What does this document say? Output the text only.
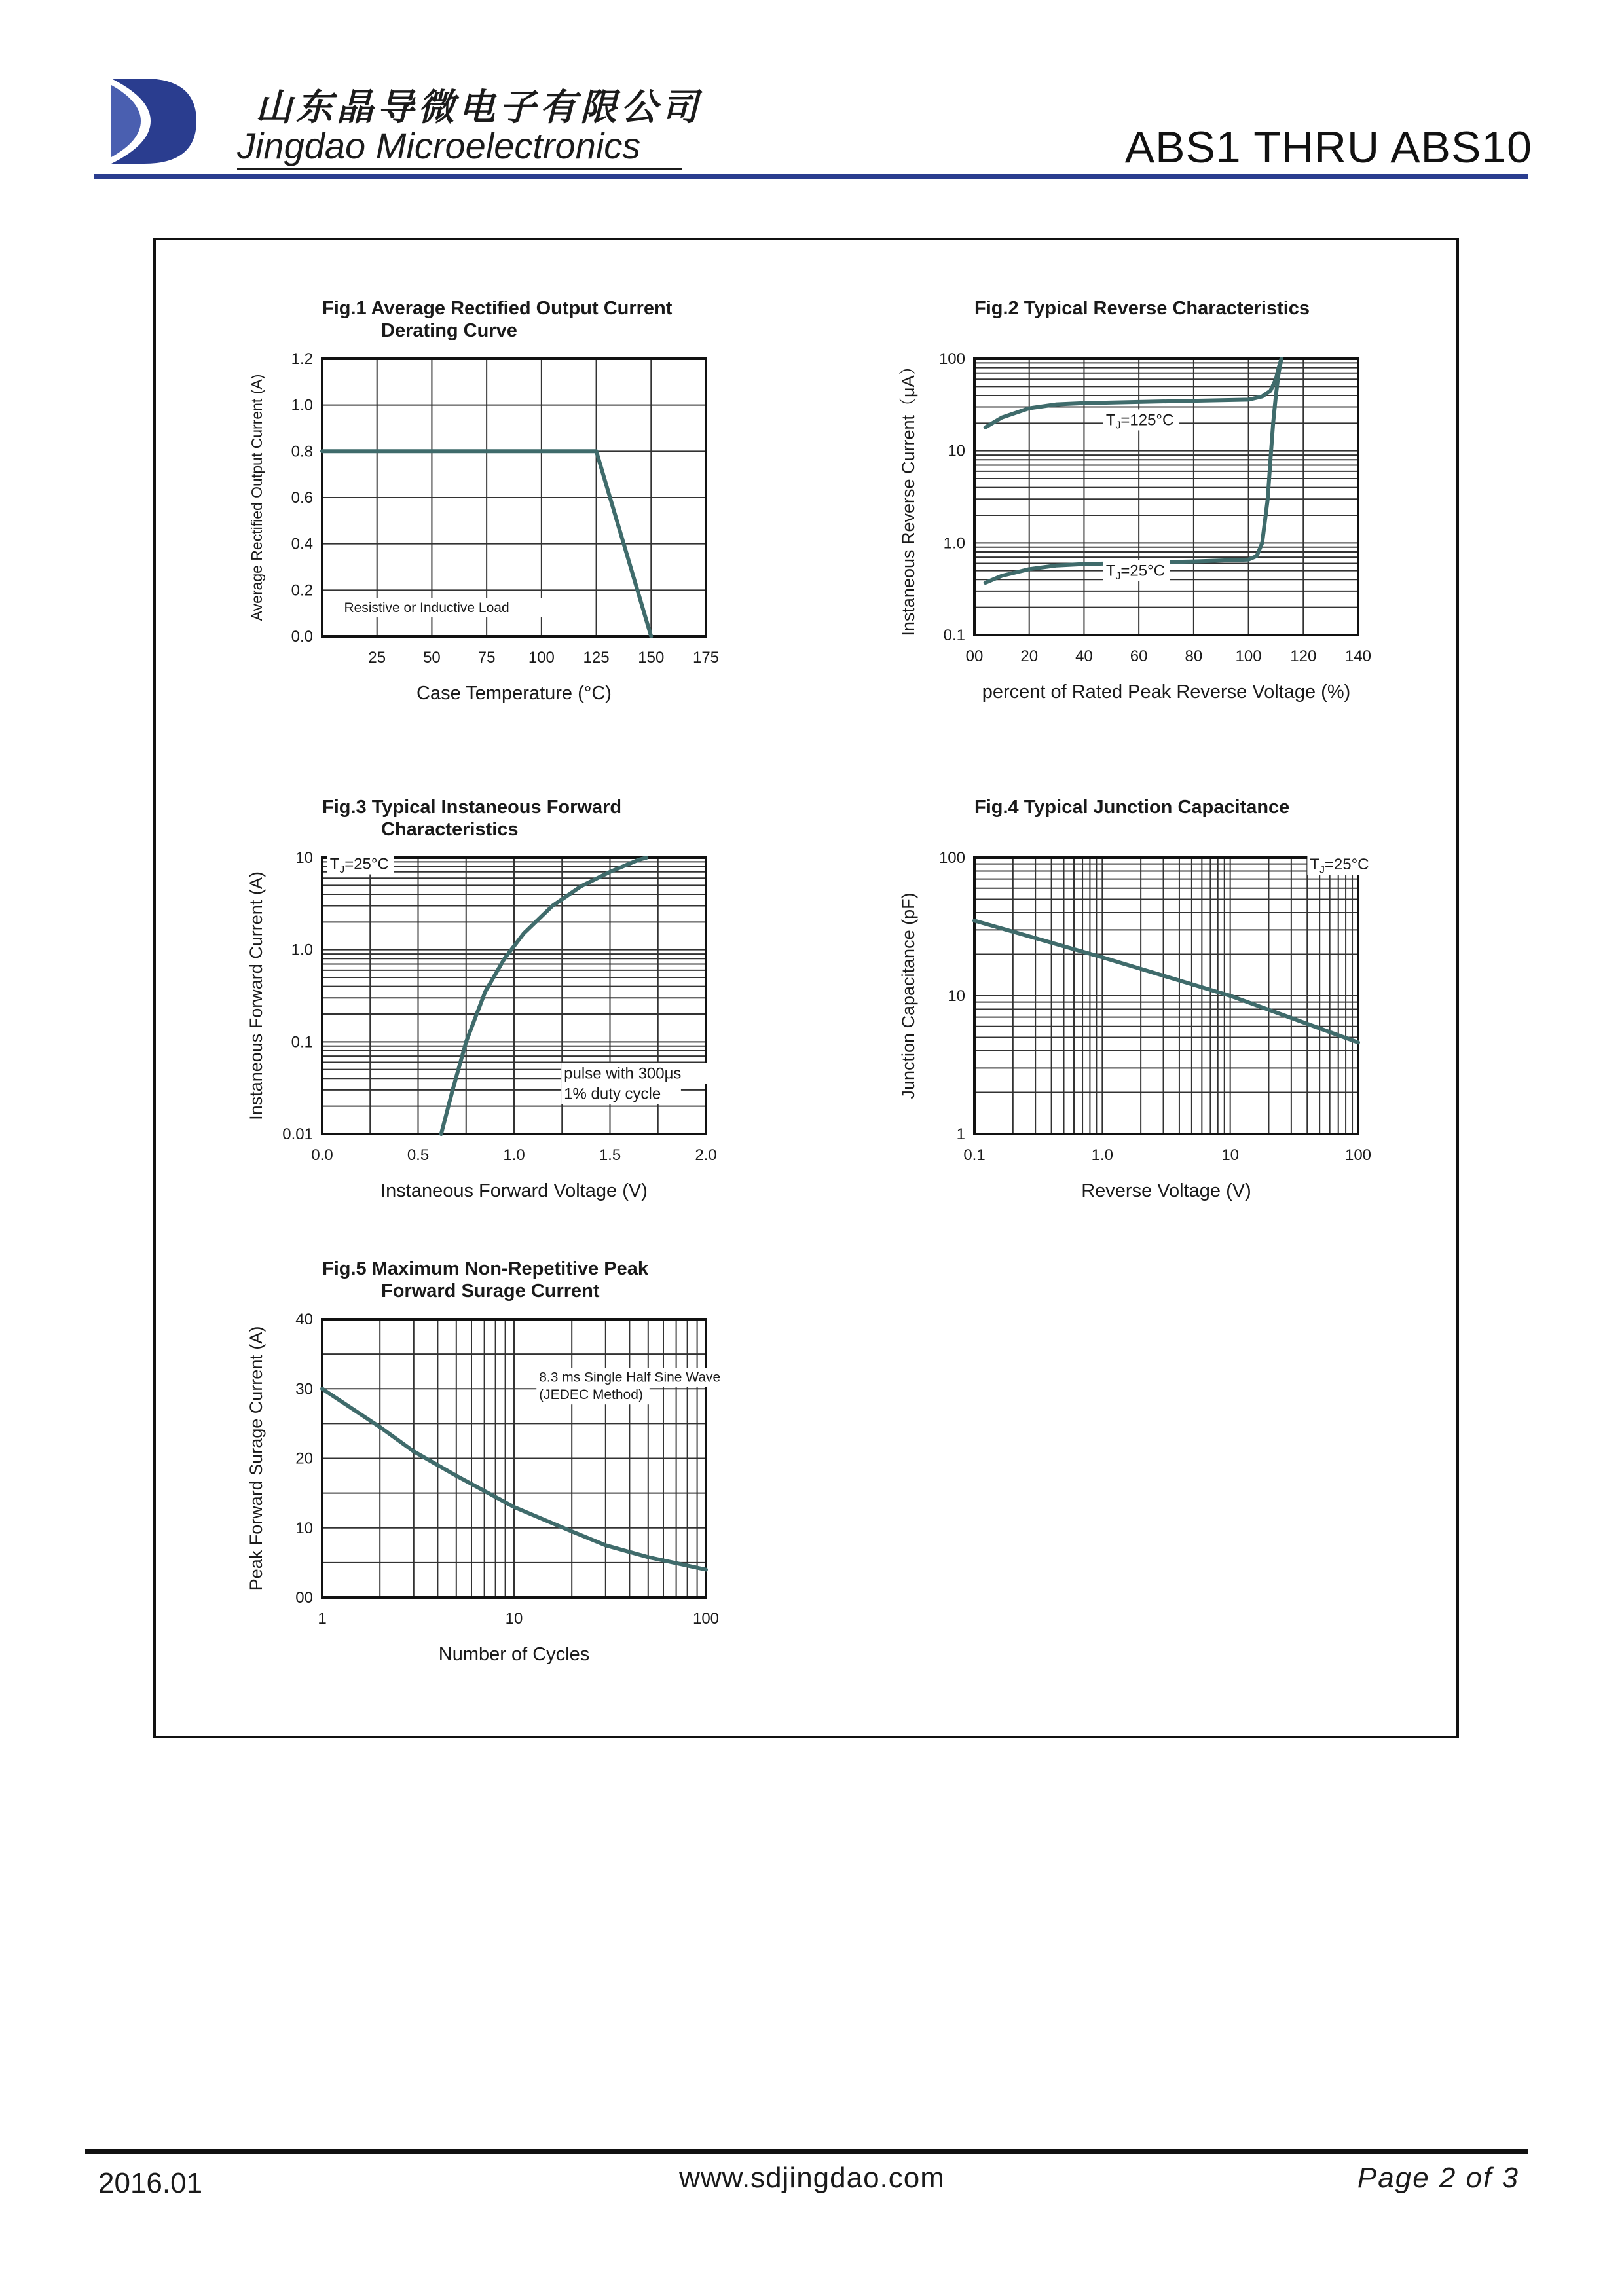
山东晶导微电子有限公司
Jingdao Microelectronics	ABS1 THRU ABS10
25 50 75 100 125 150 175
0.0
0.2
0.4
0.6
0.8
1.0
1.2
Fig.1 Average Rectified Output Current
Derating Curve
Case Temperature (°C)
Average Rectified Output Current (A)	Resistive or Inductive Load
00 20 40 60 80 100 120 140
0.1
1.0
10
100
Fig.2 Typical Reverse Characteristics
percent of Rated Peak Reverse Voltage (%)
Instaneous Reverse Current（μA）	$T_J=125^\circ C$
$T_J=25^\circ C$
0.0	0.5	1.0	1.5	2.0
0.01
0.1
1.0
10
Fig.3 Typical Instaneous Forward
Characteristics
Instaneous Forward Voltage (V)
Instaneous Forward Current (A)
$T_J=25^\circ C$
pulse with 300μs
1% duty cycle
0.1	1.0	10	100
1
10
100
Fig.4 Typical Junction Capacitance
Reverse Voltage (V)
Junction Capacitance (pF)
$T_J=25^\circ C$
1	10	100
00
10
20
30
40
Fig.5 Maximum Non-Repetitive Peak
Forward Surage Current
Number of Cycles
Peak Forward Surage Current (A)	8.3 ms Single Half Sine Wave
(JEDEC Method)
2016.01	www.sdjingdao.com	Page 2 of 3
